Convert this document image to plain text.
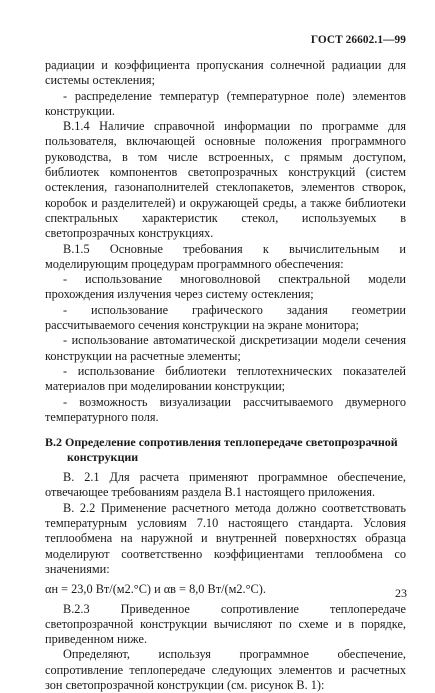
ГОСТ 26602.1—99

радиации и коэффициента пропускания солнечной радиации для системы остекления;

- распределение температур (температурное поле) элементов конструкции.

В.1.4 Наличие справочной информации по программе для пользователя, включающей основные положения программного руководства, в том числе встроенных, с прямым доступом, библиотек компонентов светопрозрачных конструкций (систем остекления, газонаполнителей стеклопакетов, элементов створок, коробок и разделителей) и окружающей среды, а также библиотеки спектральных характеристик стекол, используемых в светопрозрачных конструкциях.

В.1.5 Основные требования к вычислительным и моделирующим процедурам программного обеспечения:

- использование многоволновой спектральной модели прохождения излучения через систему остекления;

- использование графического задания геометрии рассчитываемого сечения конструкции на экране монитора;

- использование автоматической дискретизации модели сечения конструкции на расчетные элементы;

- использование библиотеки теплотехнических показателей материалов при моделировании конструкции;

- возможность визуализации рассчитываемого двумерного температурного поля.

В.2 Определение сопротивления теплопередаче светопрозрачной
конструкции

В. 2.1 Для расчета применяют программное обеспечение, отвечающее требованиям раздела В.1 настоящего приложения.

В. 2.2 Применение расчетного метода должно соответствовать температурным условиям 7.10 настоящего стандарта. Условия теплообмена на наружной и внутренней поверхностях образца моделируют соответственно коэффициентами теплообмена со значениями:

αн = 23,0 Вт/(м2.°С) и αв = 8,0 Вт/(м2.°С).

В.2.3 Приведенное сопротивление теплопередаче светопрозрачной конструкции вычисляют по схеме и в порядке, приведенном ниже.

Определяют, используя программное обеспечение, сопротивление теплопередаче следующих элементов и расчетных зон светопрозрачной конструкции (см. рисунок В. 1):

23
